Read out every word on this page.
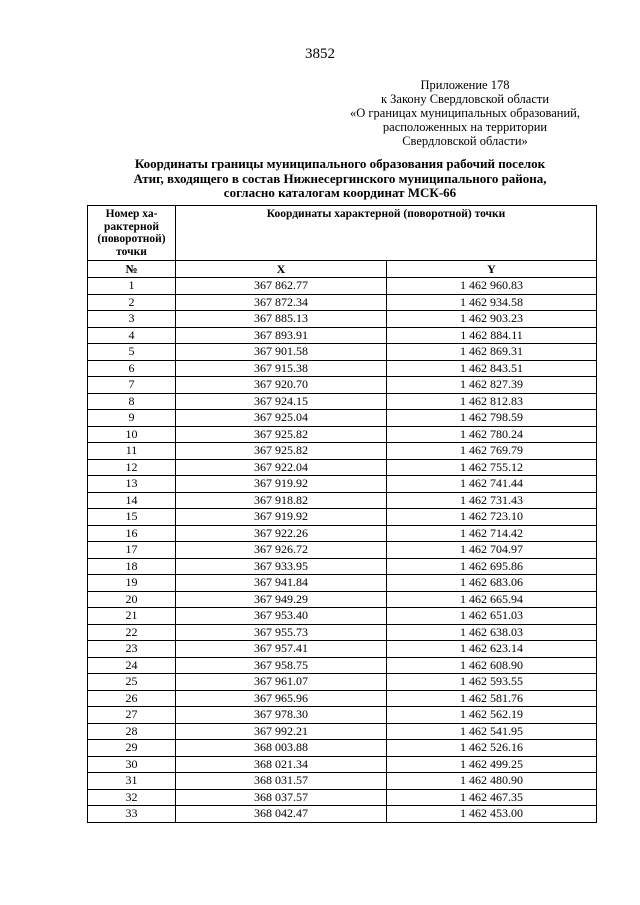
3852
Приложение 178
к Закону Свердловской области
«О границах муниципальных образований,
расположенных на территории
Свердловской области»
Координаты границы муниципального образования рабочий поселок
Атиг, входящего в состав Нижнесергинского муниципального района,
согласно каталогам координат МСК-66
Номер ха-
рактерной
(поворотной)
точки	Координаты характерной (поворотной) точки	
№	X	Y
1	367 862.77	1 462 960.83
2	367 872.34	1 462 934.58
3	367 885.13	1 462 903.23
4	367 893.91	1 462 884.11
5	367 901.58	1 462 869.31
6	367 915.38	1 462 843.51
7	367 920.70	1 462 827.39
8	367 924.15	1 462 812.83
9	367 925.04	1 462 798.59
10	367 925.82	1 462 780.24
11	367 925.82	1 462 769.79
12	367 922.04	1 462 755.12
13	367 919.92	1 462 741.44
14	367 918.82	1 462 731.43
15	367 919.92	1 462 723.10
16	367 922.26	1 462 714.42
17	367 926.72	1 462 704.97
18	367 933.95	1 462 695.86
19	367 941.84	1 462 683.06
20	367 949.29	1 462 665.94
21	367 953.40	1 462 651.03
22	367 955.73	1 462 638.03
23	367 957.41	1 462 623.14
24	367 958.75	1 462 608.90
25	367 961.07	1 462 593.55
26	367 965.96	1 462 581.76
27	367 978.30	1 462 562.19
28	367 992.21	1 462 541.95
29	368 003.88	1 462 526.16
30	368 021.34	1 462 499.25
31	368 031.57	1 462 480.90
32	368 037.57	1 462 467.35
33	368 042.47	1 462 453.00
